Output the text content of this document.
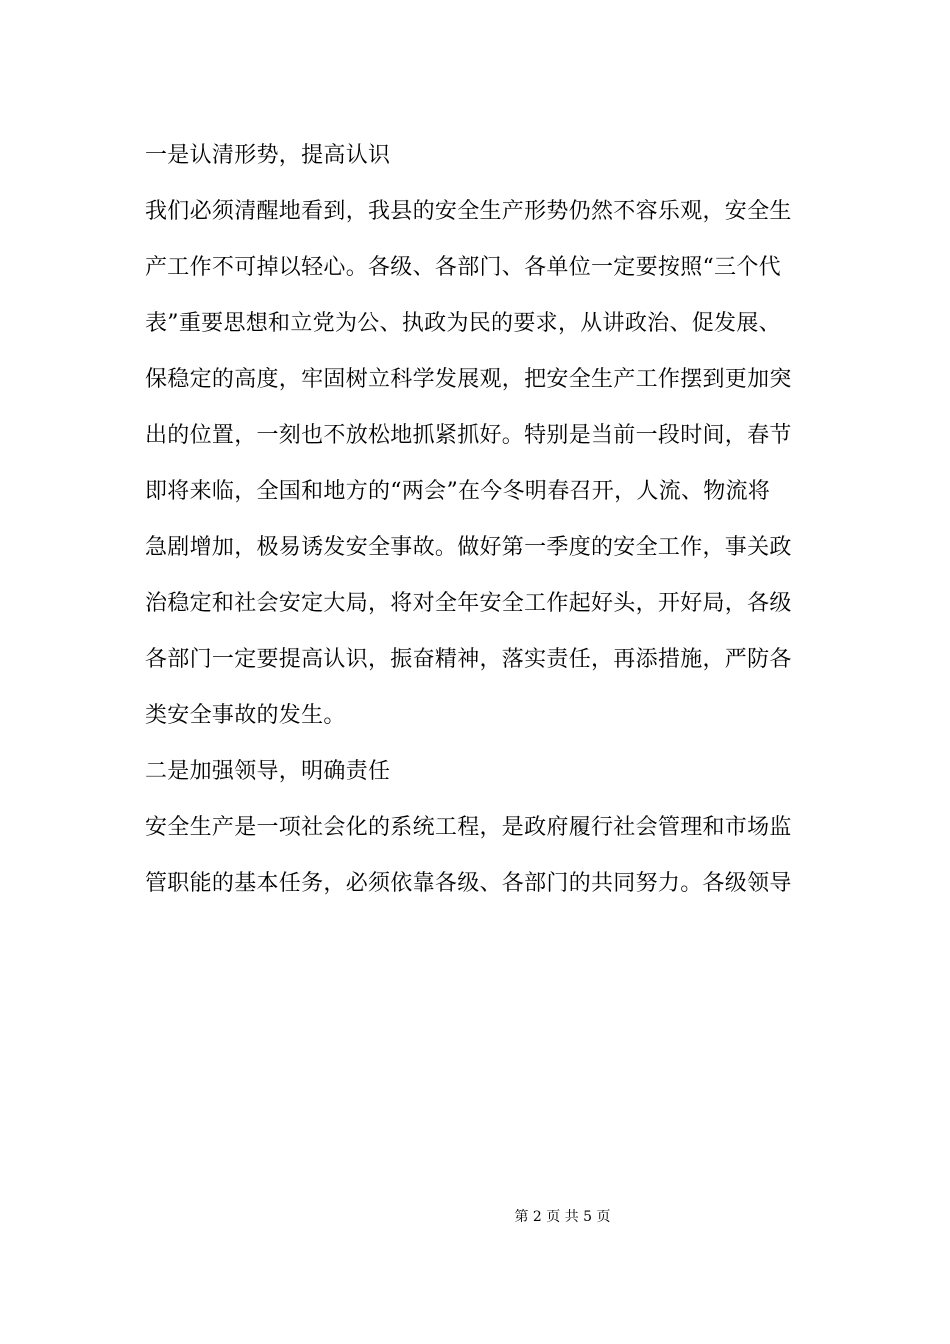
一是认清形势，提高认识
我们必须清醒地看到，我县的安全生产形势仍然不容乐观，安全生
产工作不可掉以轻心。各级、各部门、各单位一定要按照“三个代
表”重要思想和立党为公、执政为民的要求，从讲政治、促发展、
保稳定的高度，牢固树立科学发展观，把安全生产工作摆到更加突
出的位置，一刻也不放松地抓紧抓好。特别是当前一段时间，春节
即将来临，全国和地方的“两会”在今冬明春召开，人流、物流将
急剧增加，极易诱发安全事故。做好第一季度的安全工作，事关政
治稳定和社会安定大局，将对全年安全工作起好头，开好局，各级
各部门一定要提高认识，振奋精神，落实责任，再添措施，严防各
类安全事故的发生。
二是加强领导，明确责任
安全生产是一项社会化的系统工程，是政府履行社会管理和市场监
管职能的基本任务，必须依靠各级、各部门的共同努力。各级领导
第 2 页 共 5 页
